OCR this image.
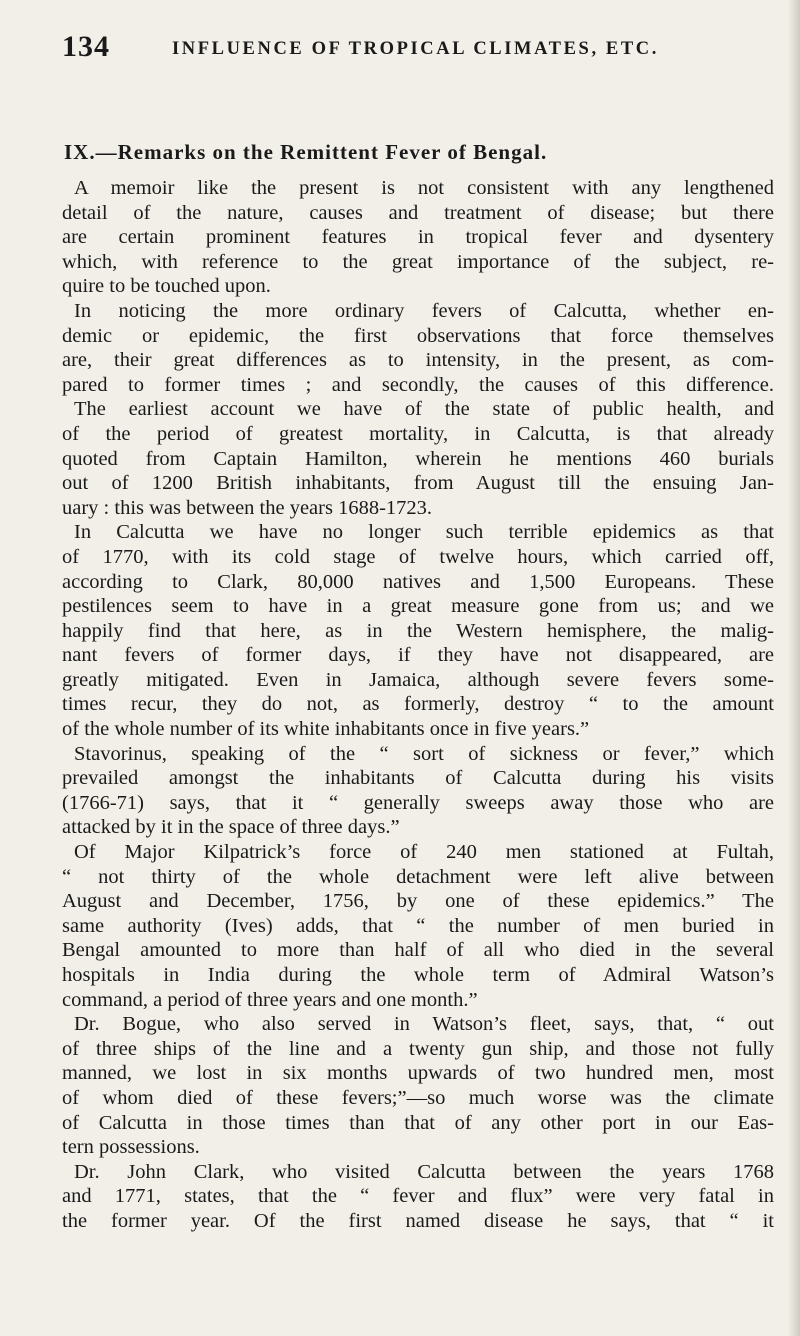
134	INFLUENCE OF TROPICAL CLIMATES, ETC.
IX.—Remarks on the Remittent Fever of Bengal.
A memoir like the present is not consistent with any lengthened
detail of the nature, causes and treatment of disease; but there
are certain prominent features in tropical fever and dysentery
which, with reference to the great importance of the subject, re-
quire to be touched upon.
In noticing the more ordinary fevers of Calcutta, whether en-
demic or epidemic, the first observations that force themselves
are, their great differences as to intensity, in the present, as com-
pared to former times ; and secondly, the causes of this difference.
The earliest account we have of the state of public health, and
of the period of greatest mortality, in Calcutta, is that already
quoted from Captain Hamilton, wherein he mentions 460 burials
out of 1200 British inhabitants, from August till the ensuing Jan-
uary : this was between the years 1688-1723.
In Calcutta we have no longer such terrible epidemics as that
of 1770, with its cold stage of twelve hours, which carried off,
according to Clark, 80,000 natives and 1,500 Europeans. These
pestilences seem to have in a great measure gone from us; and we
happily find that here, as in the Western hemisphere, the malig-
nant fevers of former days, if they have not disappeared, are
greatly mitigated. Even in Jamaica, although severe fevers some-
times recur, they do not, as formerly, destroy “ to the amount
of the whole number of its white inhabitants once in five years.”
Stavorinus, speaking of the “ sort of sickness or fever,” which
prevailed amongst the inhabitants of Calcutta during his visits
(1766-71) says, that it “ generally sweeps away those who are
attacked by it in the space of three days.”
Of Major Kilpatrick’s force of 240 men stationed at Fultah,
“ not thirty of the whole detachment were left alive between
August and December, 1756, by one of these epidemics.” The
same authority (Ives) adds, that “ the number of men buried in
Bengal amounted to more than half of all who died in the several
hospitals in India during the whole term of Admiral Watson’s
command, a period of three years and one month.”
Dr. Bogue, who also served in Watson’s fleet, says, that, “ out
of three ships of the line and a twenty gun ship, and those not fully
manned, we lost in six months upwards of two hundred men, most
of whom died of these fevers;”—so much worse was the climate
of Calcutta in those times than that of any other port in our Eas-
tern possessions.
Dr. John Clark, who visited Calcutta between the years 1768
and 1771, states, that the “ fever and flux” were very fatal in
the former year. Of the first named disease he says, that “ it
